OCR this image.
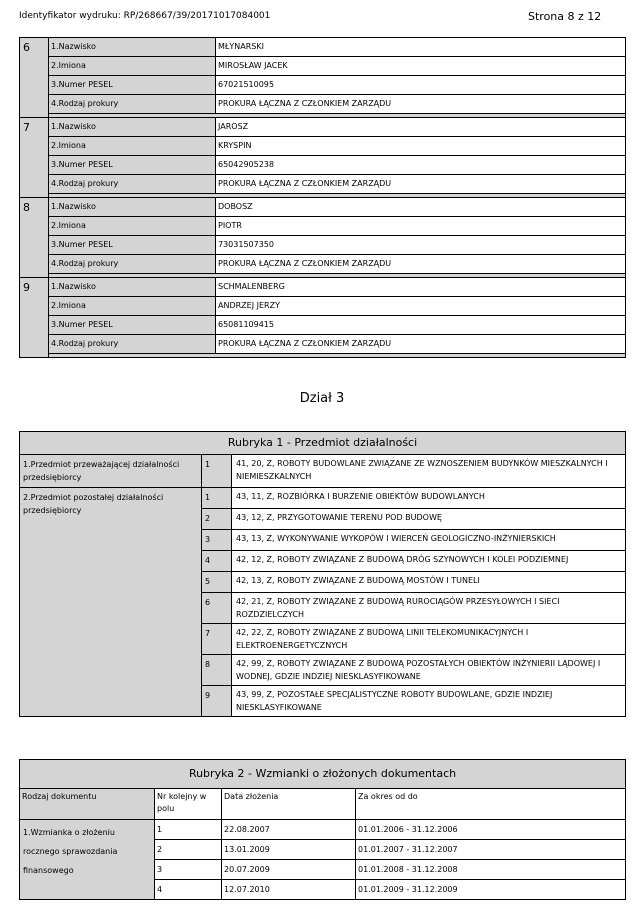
Identyfikator wydruku: RP/268667/39/20171017084001	Strona 8 z 12
6	1.Nazwisko	MŁYNARSKI
	2.Imiona	MIROSŁAW JACEK
	3.Numer PESEL	67021510095
	4.Rodzaj prokury	PROKURA ŁĄCZNA Z CZŁONKIEM ZARZĄDU

7	1.Nazwisko	JAROSZ
	2.Imiona	KRYSPIN
	3.Numer PESEL	65042905238
	4.Rodzaj prokury	PROKURA ŁĄCZNA Z CZŁONKIEM ZARZĄDU

8	1.Nazwisko	DOBOSZ
	2.Imiona	PIOTR
	3.Numer PESEL	73031507350
	4.Rodzaj prokury	PROKURA ŁĄCZNA Z CZŁONKIEM ZARZĄDU

9	1.Nazwisko	SCHMALENBERG
	2.Imiona	ANDRZEJ JERZY
	3.Numer PESEL	65081109415
	4.Rodzaj prokury	PROKURA ŁĄCZNA Z CZŁONKIEM ZARZĄDU

Dział 3
Rubryka 1 - Przedmiot działalności		
1.Przedmiot przeważającej działalności przedsiębiorcy	1	41, 20, Z, ROBOTY BUDOWLANE ZWIĄZANE ZE WZNOSZENIEM BUDYNKÓW MIESZKALNYCH I NIEMIESZKALNYCH
2.Przedmiot pozostałej działalności przedsiębiorcy	1	43, 11, Z, ROZBIÓRKA I BURZENIE OBIEKTÓW BUDOWLANYCH
	2	43, 12, Z, PRZYGOTOWANIE TERENU POD BUDOWĘ
	3	43, 13, Z, WYKONYWANIE WYKOPÓW I WIERCEŃ GEOLOGICZNO-INŻYNIERSKICH
	4	42, 12, Z, ROBOTY ZWIĄZANE Z BUDOWĄ DRÓG SZYNOWYCH I KOLEI PODZIEMNEJ
	5	42, 13, Z, ROBOTY ZWIĄZANE Z BUDOWĄ MOSTÓW I TUNELI
	6	42, 21, Z, ROBOTY ZWIĄZANE Z BUDOWĄ RUROCIĄGÓW PRZESYŁOWYCH I SIECI ROZDZIELCZYCH
	7	42, 22, Z, ROBOTY ZWIĄZANE Z BUDOWĄ LINII TELEKOMUNIKACYJNYCH I ELEKTROENERGETYCZNYCH
	8	42, 99, Z, ROBOTY ZWIĄZANE Z BUDOWĄ POZOSTAŁYCH OBIEKTÓW INŻYNIERII LĄDOWEJ I WODNEJ, GDZIE INDZIEJ NIESKLASYFIKOWANE
	9	43, 99, Z, POZOSTAŁE SPECJALISTYCZNE ROBOTY BUDOWLANE, GDZIE INDZIEJ NIESKLASYFIKOWANE
Rubryka 2 - Wzmianki o złożonych dokumentach			
Rodzaj dokumentu	Nr kolejny w polu	Data złożenia	Za okres od do
1.Wzmianka o złożeniu rocznego sprawozdania finansowego	1	22.08.2007	01.01.2006 - 31.12.2006
	2	13.01.2009	01.01.2007 - 31.12.2007
	3	20.07.2009	01.01.2008 - 31.12.2008
	4	12.07.2010	01.01.2009 - 31.12.2009
